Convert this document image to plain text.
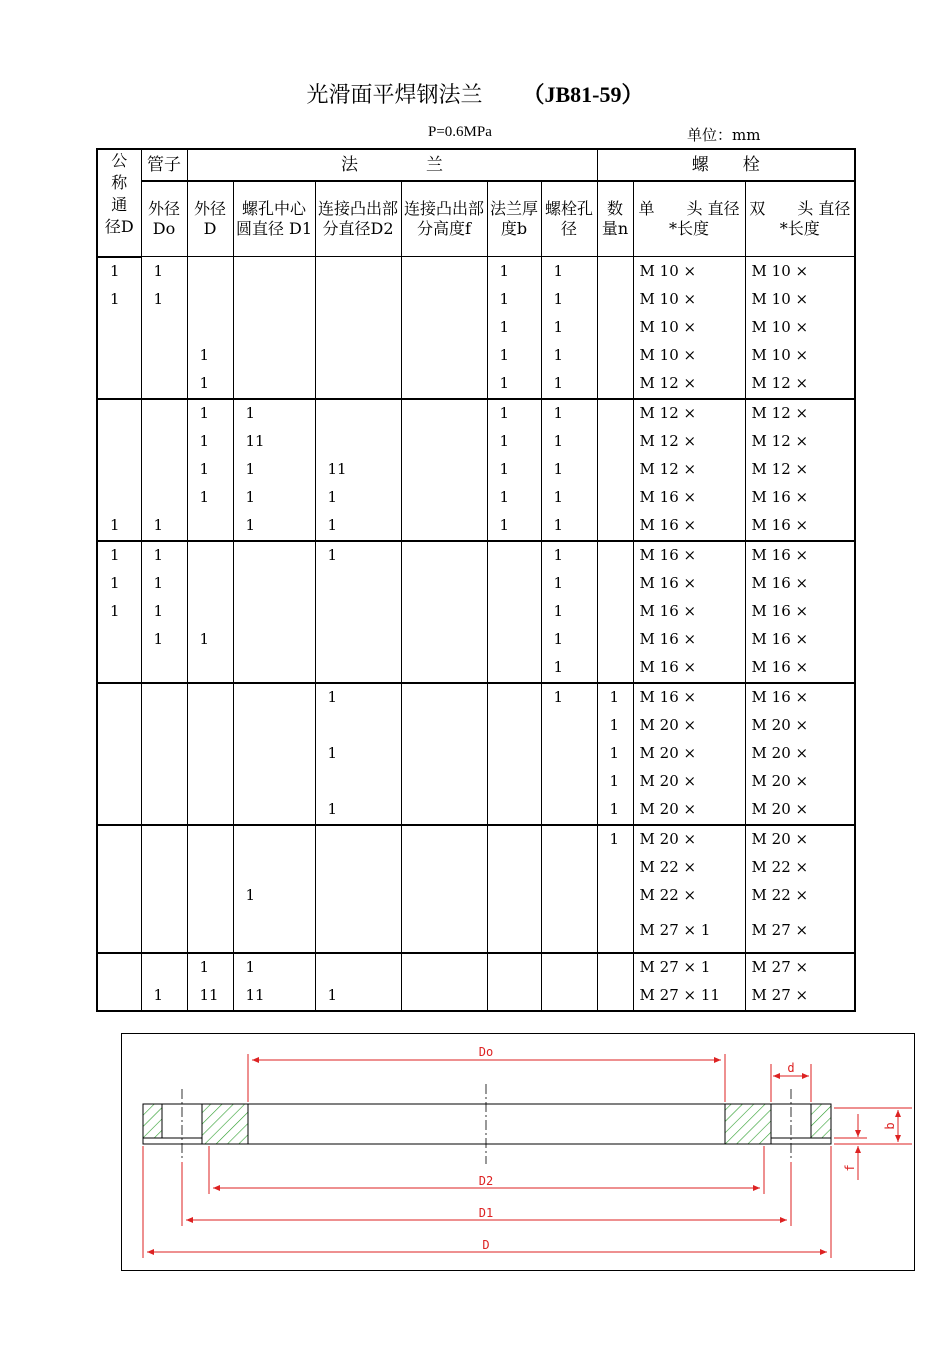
光滑面平焊钢法兰 （JB81-59）
P=0.6MPa	单位：mm
公称通径D	管子	法　　　　兰						螺　　栓		
	外径Do	外径D	螺孔中心圆直径 D1	连接凸出部分直径D2	连接凸出部分高度f	法兰厚度b	螺栓孔径	数量n	单　　头 直径*长度	双　　头 直径*长度
1	1					1	1		M 10 ×	M 10 ×
1	1					1	1		M 10 ×	M 10 ×
						1	1		M 10 ×	M 10 ×
		1				1	1		M 10 ×	M 10 ×
		1				1	1		M 12 ×	M 12 ×
		1	1			1	1		M 12 ×	M 12 ×
		1	11			1	1		M 12 ×	M 12 ×
		1	1	11		1	1		M 12 ×	M 12 ×
		1	1	1		1	1		M 16 ×	M 16 ×
1	1		1	1		1	1		M 16 ×	M 16 ×
1	1			1			1		M 16 ×	M 16 ×
1	1						1		M 16 ×	M 16 ×
1	1						1		M 16 ×	M 16 ×
	1	1					1		M 16 ×	M 16 ×
							1		M 16 ×	M 16 ×
				1			1	1	M 16 ×	M 16 ×
								1	M 20 ×	M 20 ×
				1				1	M 20 ×	M 20 ×
								1	M 20 ×	M 20 ×
				1				1	M 20 ×	M 20 ×
								1	M 20 ×	M 20 ×
									M 22 ×	M 22 ×
			1						M 22 ×	M 22 ×
									M 27 × 1	M 27 ×
		1	1						M 27 × 1	M 27 ×
	1	11	11	1					M 27 × 11	M 27 ×
Do
d
b
f
D2
D1
D
